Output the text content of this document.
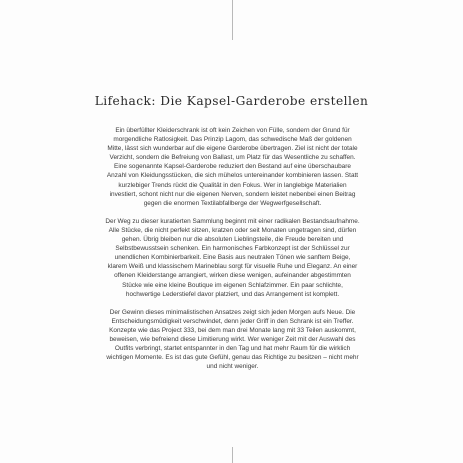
Lifehack: Die Kapsel-Garderobe erstellen

Ein überfüllter Kleiderschrank ist oft kein Zeichen von Fülle, sondern der Grund für morgendliche Ratlosigkeit. Das Prinzip Lagom, das schwedische Maß der goldenen Mitte, lässt sich wunderbar auf die eigene Garderobe übertragen. Ziel ist nicht der totale Verzicht, sondern die Befreiung von Ballast, um Platz für das Wesentliche zu schaffen. Eine sogenannte Kapsel-Garderobe reduziert den Bestand auf eine überschaubare Anzahl von Kleidungsstücken, die sich mühelos untereinander kombinieren lassen. Statt kurzlebiger Trends rückt die Qualität in den Fokus. Wer in langlebige Materialien investiert, schont nicht nur die eigenen Nerven, sondern leistet nebenbei einen Beitrag gegen die enormen Textilabfallberge der Wegwerfgesellschaft.

Der Weg zu dieser kuratierten Sammlung beginnt mit einer radikalen Bestandsaufnahme. Alle Stücke, die nicht perfekt sitzen, kratzen oder seit Monaten ungetragen sind, dürfen gehen. Übrig bleiben nur die absoluten Lieblingsteile, die Freude bereiten und Selbstbewusstsein schenken. Ein harmonisches Farbkonzept ist der Schlüssel zur unendlichen Kombinierbarkeit. Eine Basis aus neutralen Tönen wie sanftem Beige, klarem Weiß und klassischem Marineblau sorgt für visuelle Ruhe und Eleganz. An einer offenen Kleiderstange arrangiert, wirken diese wenigen, aufeinander abgestimmten Stücke wie eine kleine Boutique im eigenen Schlafzimmer. Ein paar schlichte, hochwertige Lederstiefel davor platziert, und das Arrangement ist komplett.

Der Gewinn dieses minimalistischen Ansatzes zeigt sich jeden Morgen aufs Neue. Die Entscheidungsmüdigkeit verschwindet, denn jeder Griff in den Schrank ist ein Treffer. Konzepte wie das Project 333, bei dem man drei Monate lang mit 33 Teilen auskommt, beweisen, wie befreiend diese Limitierung wirkt. Wer weniger Zeit mit der Auswahl des Outfits verbringt, startet entspannter in den Tag und hat mehr Raum für die wirklich wichtigen Momente. Es ist das gute Gefühl, genau das Richtige zu besitzen – nicht mehr und nicht weniger.
